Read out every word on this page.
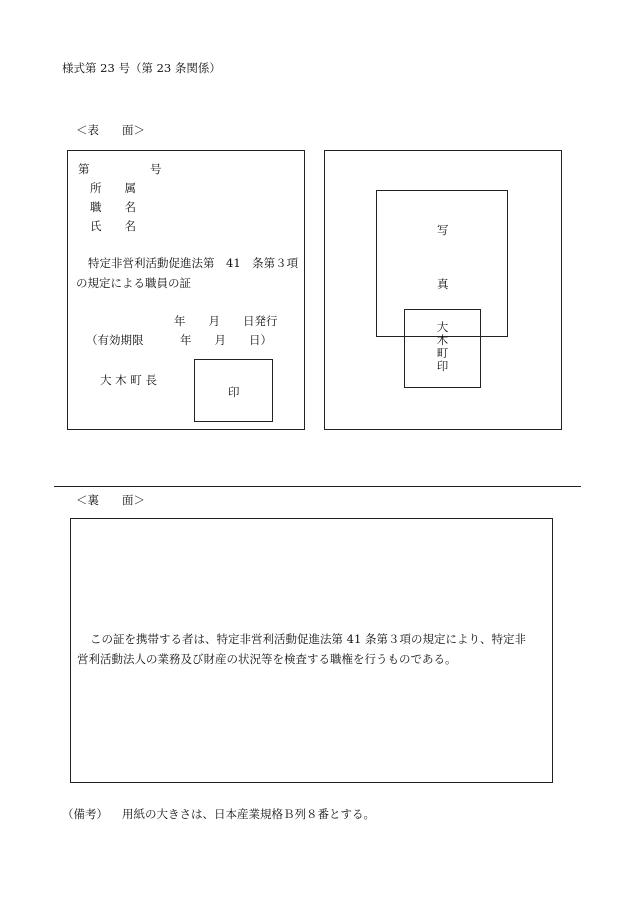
様式第 23 号（第 23 条関係）
＜表　　面＞
第	号
所　　属
職　　名
氏　　名
特定非営利活動促進法第　41　条第３項
の規定による職員の証
年　　月　　日発行
（有効期限	年　　月　　日）
大 木 町 長
印
写
真
大
木
町
印
＜裏　　面＞
この証を携帯する者は、特定非営利活動促進法第 41 条第３項の規定により、特定非
営利活動法人の業務及び財産の状況等を検査する職権を行うものである。
（備考） 用紙の大きさは、日本産業規格Ｂ列８番とする。
